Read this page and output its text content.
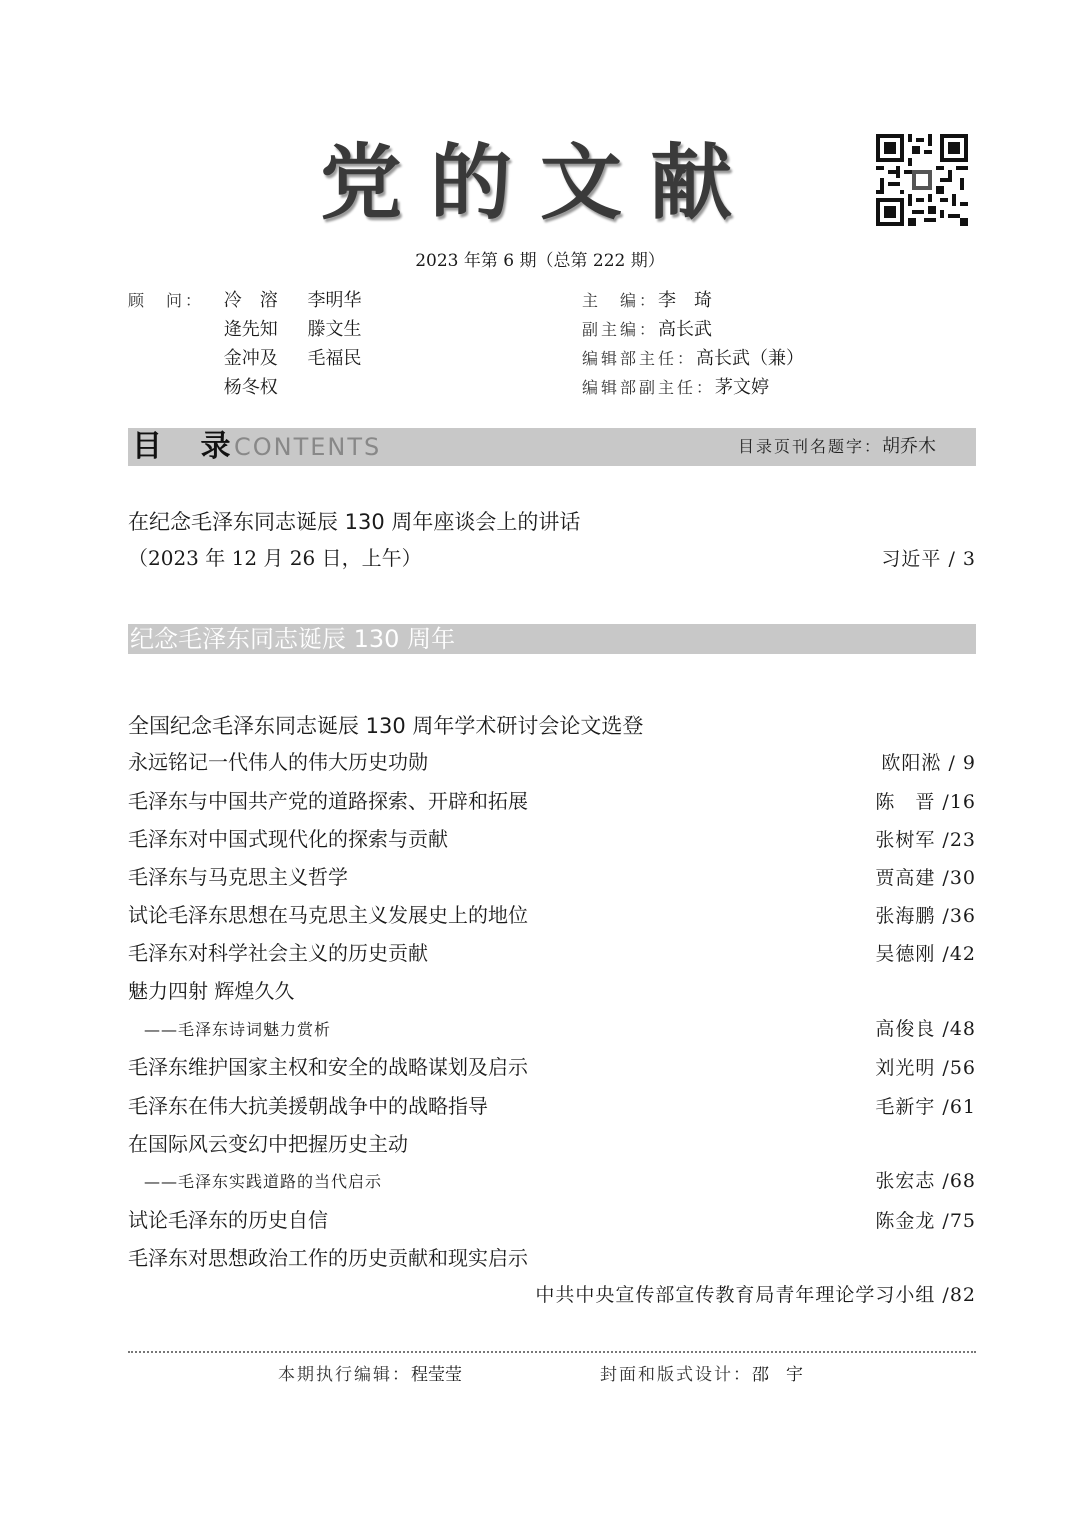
党的文献
2023 年第 6 期（总第 222 期）
顾　问： 冷　溶 李明华
逄先知 滕文生
金冲及 毛福民
杨冬权
主　编：李　琦
副主编：高长武
编辑部主任：高长武（兼）
编辑部副主任：茅文婷
目 录
CONTENTS	目录页刊名题字：胡乔木
在纪念毛泽东同志诞辰 130 周年座谈会上的讲话
（2023 年 12 月 26 日，上午）	习近平 / 3
纪念毛泽东同志诞辰 130 周年
全国纪念毛泽东同志诞辰 130 周年学术研讨会论文选登
永远铭记一代伟人的伟大历史功勋	欧阳淞 / 9
毛泽东与中国共产党的道路探索、开辟和拓展	陈　晋 /16
毛泽东对中国式现代化的探索与贡献	张树军 /23
毛泽东与马克思主义哲学	贾高建 /30
试论毛泽东思想在马克思主义发展史上的地位	张海鹏 /36
毛泽东对科学社会主义的历史贡献	吴德刚 /42
魅力四射 辉煌久久
——毛泽东诗词魅力赏析	高俊良 /48
毛泽东维护国家主权和安全的战略谋划及启示	刘光明 /56
毛泽东在伟大抗美援朝战争中的战略指导	毛新宇 /61
在国际风云变幻中把握历史主动
——毛泽东实践道路的当代启示	张宏志 /68
试论毛泽东的历史自信	陈金龙 /75
毛泽东对思想政治工作的历史贡献和现实启示
中共中央宣传部宣传教育局青年理论学习小组 /82
本期执行编辑：程莹莹	封面和版式设计：邵　宇
